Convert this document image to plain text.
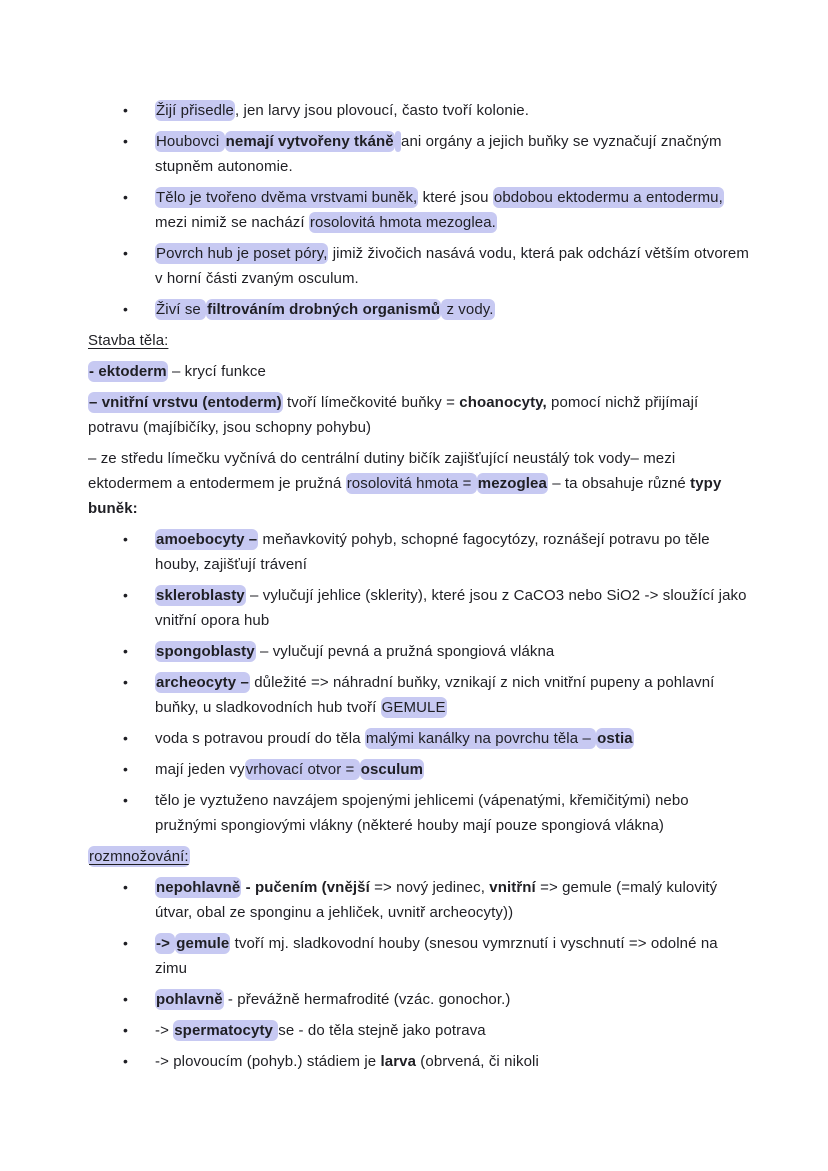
• Žijí přisedle, jen larvy jsou plovoucí, často tvoří kolonie.
• Houbovci nemají vytvořeny tkáně ani orgány a jejich buňky se vyznačují značným stupněm autonomie.
• Tělo je tvořeno dvěma vrstvami buněk, které jsou obdobou ektodermu a entodermu, mezi nimiž se nachází rosolovitá hmota mezoglea.
• Povrch hub je poset póry, jimiž živočich nasává vodu, která pak odchází větším otvorem v horní části zvaným osculum.
• Živí se filtrováním drobných organismů z vody.
Stavba těla:
- ektoderm – krycí funkce
– vnitřní vrstvu (entoderm) tvoří límečkovité buňky = choanocyty, pomocí nichž přijímají potravu (majíbičíky, jsou schopny pohybu)
– ze středu límečku vyčnívá do centrální dutiny bičík zajišťující neustálý tok vody– mezi ektodermem a entodermem je pružná rosolovitá hmota = mezoglea – ta obsahuje různé typy buněk:
• amoebocyty – meňavkovitý pohyb, schopné fagocytózy, roznášejí potravu po těle houby, zajišťují trávení
• skleroblasty – vylučují jehlice (sklerity), které jsou z CaCO3 nebo SiO2 -> sloužící jako vnitřní opora hub
• spongoblasty – vylučují pevná a pružná spongiová vlákna
• archeocyty – důležité => náhradní buňky, vznikají z nich vnitřní pupeny a pohlavní buňky, u sladkovodních hub tvoří GEMULE
• voda s potravou proudí do těla malými kanálky na povrchu těla – ostia
• mají jeden vyvrhovací otvor = osculum
• tělo je vyztuženo navzájem spojenými jehlicemi (vápenatými, křemičitými) nebo pružnými spongiovými vlákny (některé houby mají pouze spongiová vlákna)
rozmnožování:
• nepohlavně - pučením (vnější => nový jedinec, vnitřní => gemule (=malý kulovitý útvar, obal ze sponginu a jehliček, uvnitř archeocyty))
• -> gemule tvoří mj. sladkovodní houby (snesou vymrznutí i vyschnutí => odolné na zimu
• pohlavně - převážně hermafrodité (vzác. gonochor.)
• -> spermatocyty se - do těla stejně jako potrava
• -> plovoucím (pohyb.) stádiem je larva (obrvená, či nikoli
